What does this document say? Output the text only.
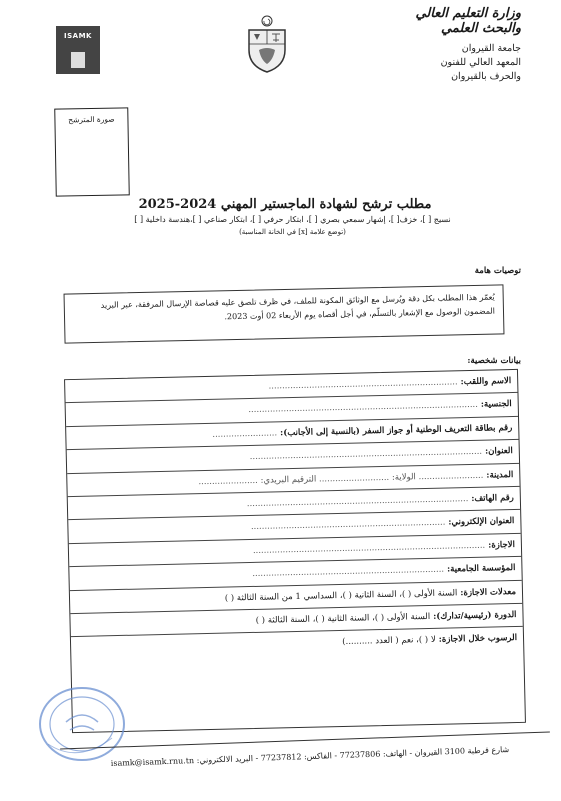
وزارة التعليم العالي
والبحث العلمي
جامعة القيروان
المعهد العالي للفنون
والحرف بالقيروان
ISAMK
صورة المترشح
مطلب ترشح لشهادة الماجستير المهني 2024-2025
نسيج [ ]، خزف[ ]، إشهار سمعي بصري [ ]، ابتكار حرفي [ ]، ابتكار صناعي [ ]،هندسة داخلية [ ]
(توضع علامة [x] في الخانة المناسبة)
توصيات هامة
يُعمّر هذا المطلب بكل دقة ويُرسل مع الوثائق المكونة للملف، في ظرف تلصق عليه قصاصة الإرسال المرفقة، عبر البريد المضمون الوصول مع الإشعار بالتسلّم، في أجل أقصاه يوم الأربعاء 02 أوت 2023.
بيانات شخصية:
الاسم واللقب: ......................................................................
الجنسية: .....................................................................................
رقم بطاقة التعريف الوطنية أو جواز السفر (بالنسبة إلى الأجانب): ........................
العنوان: ......................................................................................
المدينة: ........................ الولاية: .......................... الترقيم البريدي: ......................
رقم الهاتف: ..................................................................................
العنوان الإلكتروني: ........................................................................
الاجازة: ......................................................................................
المؤسسة الجامعية: .......................................................................
معدلات الاجازة: السنة الأولى ( )، السنة الثانية ( )، السداسي 1 من السنة الثالثة ( )
الدورة (رئيسية/تدارك): السنة الأولى ( )، السنة الثانية ( )، السنة الثالثة ( )
الرسوب خلال الاجازة: لا ( )، نعم ( العدد ..........)
شارع قرطبة 3100 القيروان - الهاتف: 77237806 - الفاكس: 77237812 - البريد الالكتروني: isamk@isamk.rnu.tn
